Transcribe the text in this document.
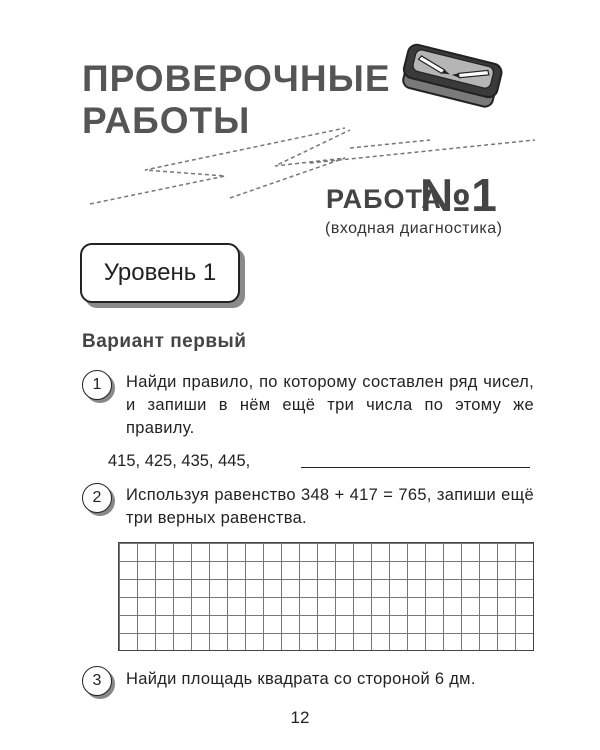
ПРОВЕРОЧНЫЕ
РАБОТЫ
РАБОТА
№1
(входная диагностика)
Уровень 1
Вариант первый
1 Найди правило, по которому составлен ряд чисел, и запиши в нём ещё три числа по этому же правилу.
415, 425, 435, 445,
2 Используя равенство 348 + 417 = 765, запиши ещё три верных равенства.
3 Найди площадь квадрата со стороной 6 дм.
12
